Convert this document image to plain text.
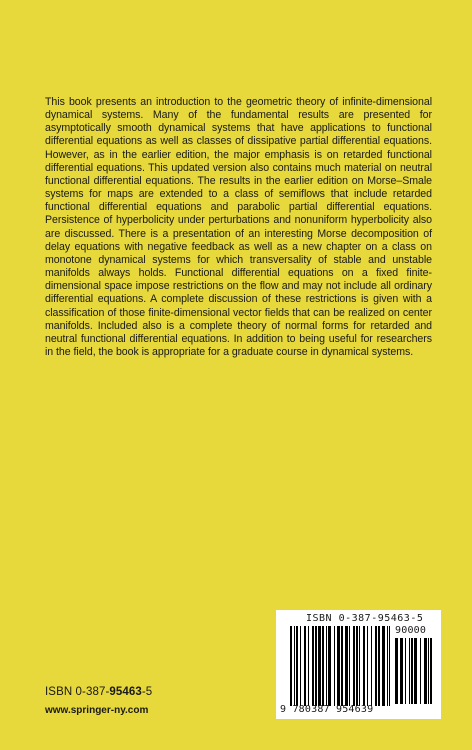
This book presents an introduction to the geometric theory of infinite-dimensional dynamical systems. Many of the fundamental results are presented for asymptotically smooth dynamical systems that have applications to functional differential equations as well as classes of dissipative partial differential equations. However, as in the earlier edition, the major emphasis is on retarded functional differential equations. This updated version also contains much material on neutral functional differential equations. The results in the earlier edition on Morse–Smale systems for maps are extended to a class of semiflows that include retarded functional differential equations and parabolic partial differential equations. Persistence of hyperbolicity under perturbations and nonuniform hyperbolicity also are discussed. There is a presentation of an interesting Morse decomposition of delay equations with negative feedback as well as a new chapter on a class on monotone dynamical systems for which transversality of stable and unstable manifolds always holds. Functional differential equations on a fixed finite-dimensional space impose restrictions on the flow and may not include all ordinary differential equations. A complete discussion of these restrictions is given with a classification of those finite-dimensional vector fields that can be realized on center manifolds. Included also is a complete theory of normal forms for retarded and neutral functional differential equations. In addition to being useful for researchers in the field, the book is appropriate for a graduate course in dynamical systems.

ISBN 0-387-95463-5

www.springer-ny.com

ISBN 0-387-95463-5

90000

9 780387 954639
